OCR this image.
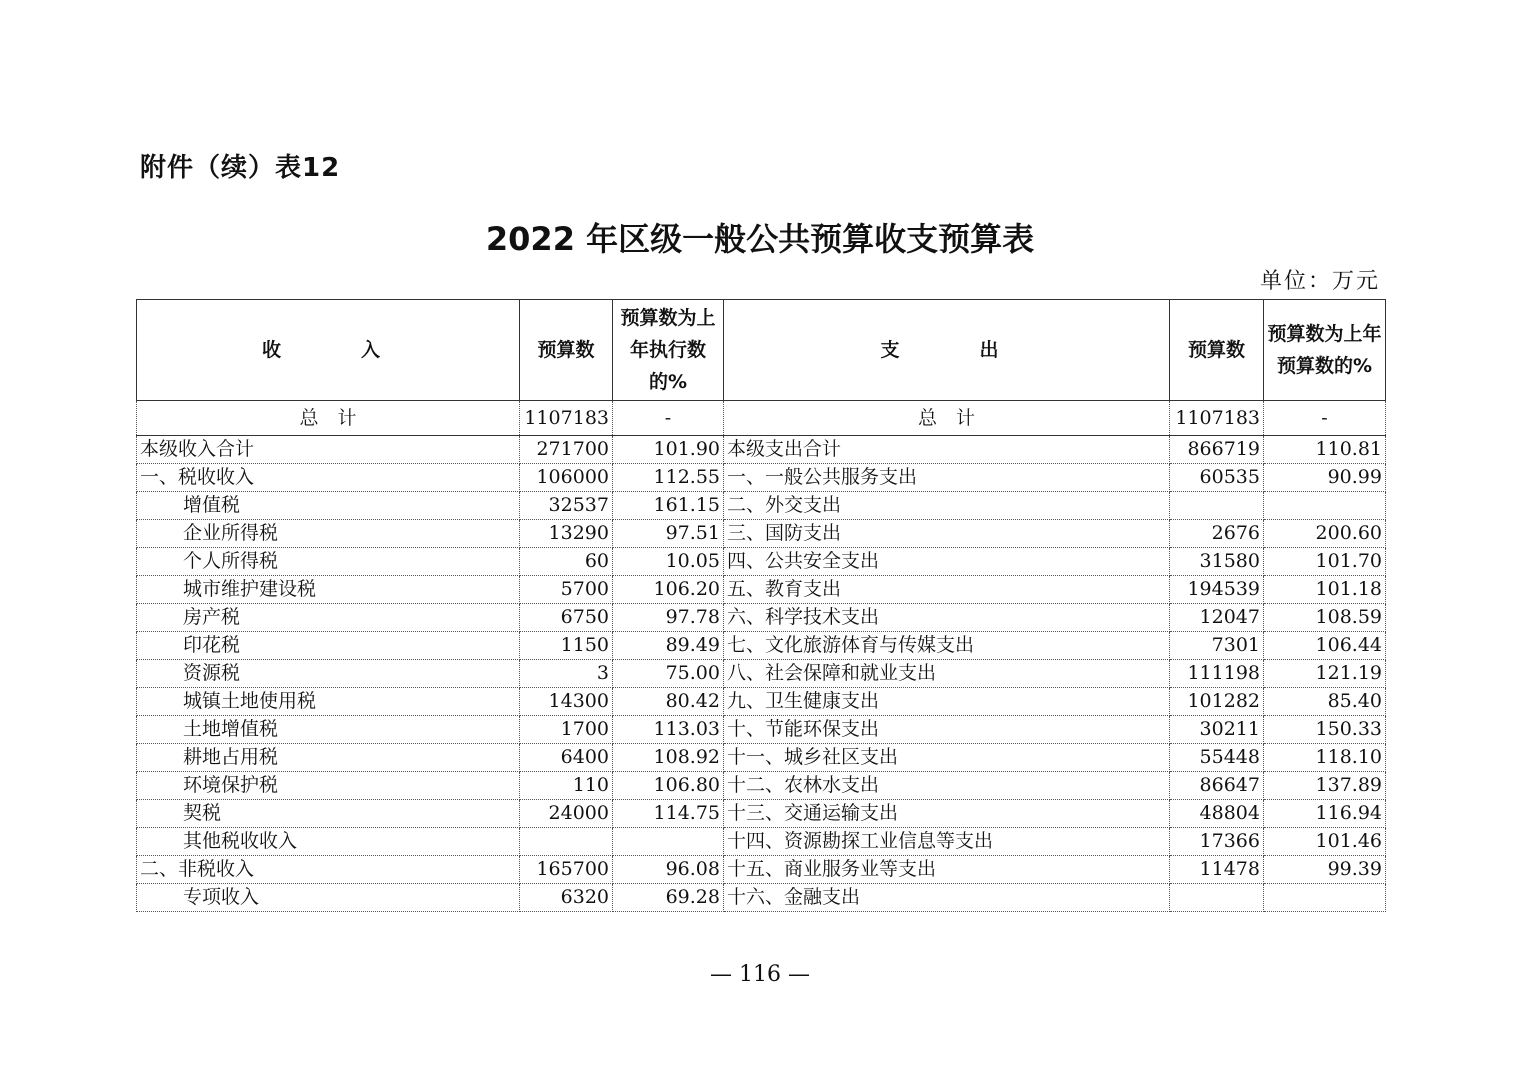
附件（续）表12
2022 年区级一般公共预算收支预算表
单位：万元
收　　入	预算数	预算数为上年执行数的%	支　　出	预算数	预算数为上年预算数的%
总　计	1107183	-	总　计	1107183	-
本级收入合计	271700	101.90	本级支出合计	866719	110.81
一、税收收入	106000	112.55	一、一般公共服务支出	60535	90.99
增值税	32537	161.15	二、外交支出		
企业所得税	13290	97.51	三、国防支出	2676	200.60
个人所得税	60	10.05	四、公共安全支出	31580	101.70
城市维护建设税	5700	106.20	五、教育支出	194539	101.18
房产税	6750	97.78	六、科学技术支出	12047	108.59
印花税	1150	89.49	七、文化旅游体育与传媒支出	7301	106.44
资源税	3	75.00	八、社会保障和就业支出	111198	121.19
城镇土地使用税	14300	80.42	九、卫生健康支出	101282	85.40
土地增值税	1700	113.03	十、节能环保支出	30211	150.33
耕地占用税	6400	108.92	十一、城乡社区支出	55448	118.10
环境保护税	110	106.80	十二、农林水支出	86647	137.89
契税	24000	114.75	十三、交通运输支出	48804	116.94
其他税收收入			十四、资源勘探工业信息等支出	17366	101.46
二、非税收入	165700	96.08	十五、商业服务业等支出	11478	99.39
专项收入	6320	69.28	十六、金融支出		
— 116 —
